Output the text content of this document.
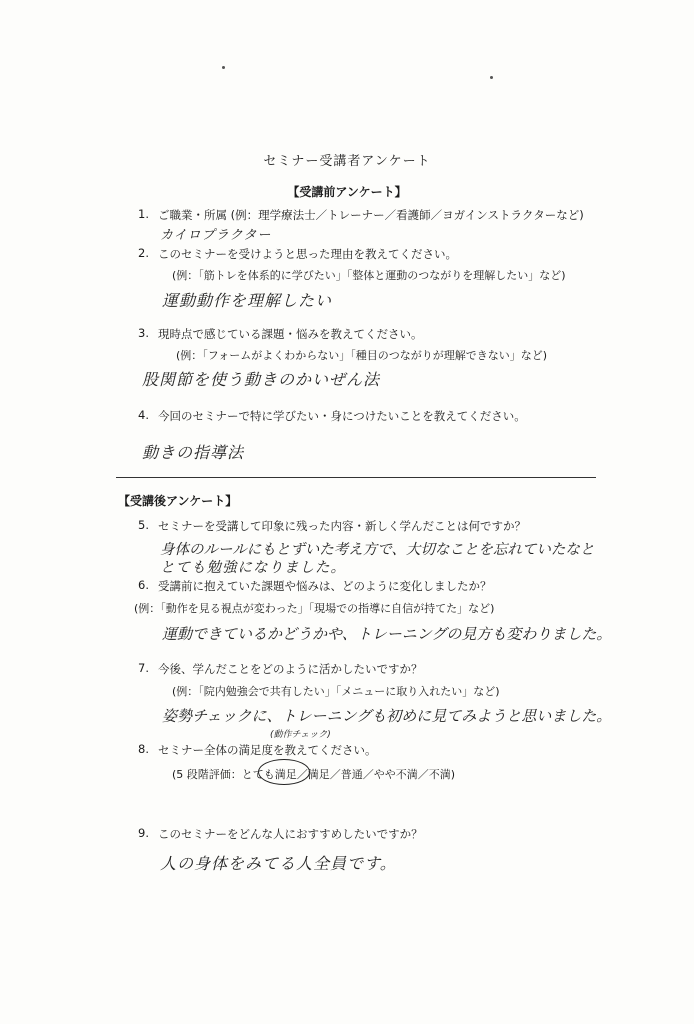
セミナー受講者アンケート
【受講前アンケート】
1. ご職業・所属 (例：理学療法士／トレーナー／看護師／ヨガインストラクターなど)
カイロプラクター
2. このセミナーを受けようと思った理由を教えてください。
(例：「筋トレを体系的に学びたい」「整体と運動のつながりを理解したい」など)
運動動作を理解したい
3. 現時点で感じている課題・悩みを教えてください。
(例：「フォームがよくわからない」「種目のつながりが理解できない」など)
股関節を使う動きのかいぜん法
4. 今回のセミナーで特に学びたい・身につけたいことを教えてください。
動きの指導法
【受講後アンケート】
5. セミナーを受講して印象に残った内容・新しく学んだことは何ですか？
身体のルールにもとずいた考え方で、大切なことを忘れていたなと
とても勉強になりました。
6. 受講前に抱えていた課題や悩みは、どのように変化しましたか？
(例：「動作を見る視点が変わった」「現場での指導に自信が持てた」など)
運動できているかどうかや、トレーニングの見方も変わりました。
7. 今後、学んだことをどのように活かしたいですか？
(例：「院内勉強会で共有したい」「メニューに取り入れたい」など)
姿勢チェックに、トレーニングも初めに見てみようと思いました。
(動作チェック)
8. セミナー全体の満足度を教えてください。
(5 段階評価：とても満足／満足／普通／やや不満／不満)
9. このセミナーをどんな人におすすめしたいですか？
人の身体をみてる人全員です。
